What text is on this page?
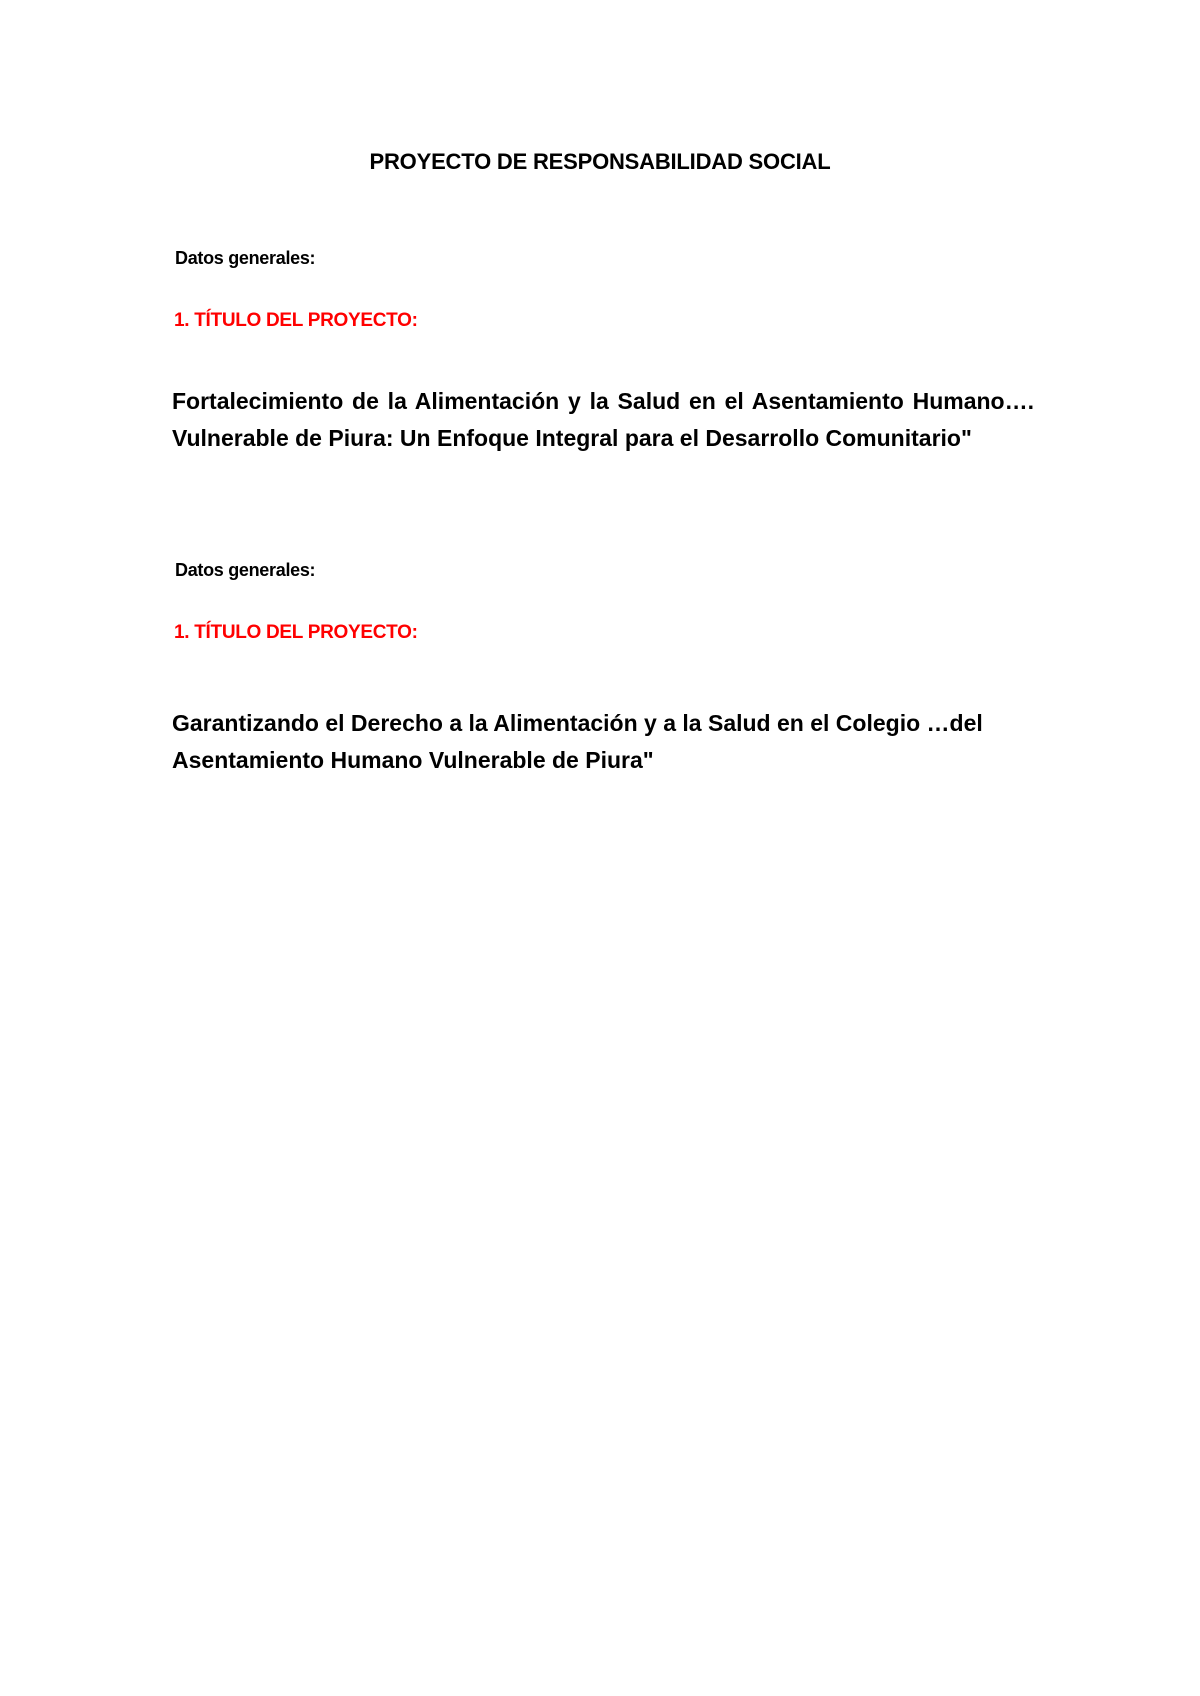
PROYECTO DE RESPONSABILIDAD SOCIAL
Datos generales:
1. TÍTULO DEL PROYECTO:
Fortalecimiento de la Alimentación y la Salud en el Asentamiento Humano…. Vulnerable de Piura: Un Enfoque Integral para el Desarrollo Comunitario"
Datos generales:
1. TÍTULO DEL PROYECTO:
Garantizando el Derecho a la Alimentación y a la Salud en el Colegio …del Asentamiento Humano Vulnerable de Piura"
